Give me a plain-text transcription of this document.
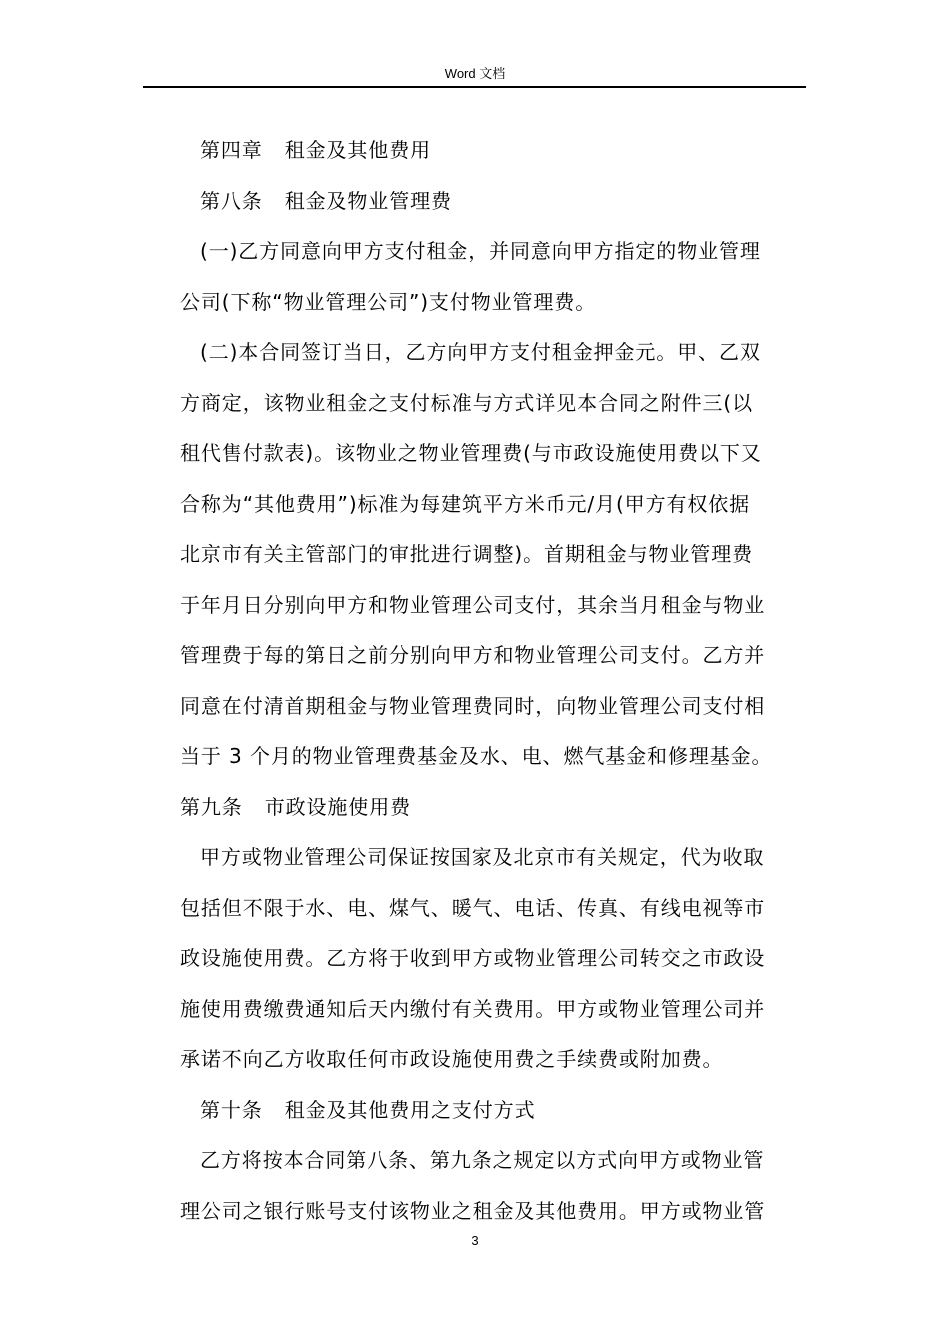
Word 文档

第四章 租金及其他费用

第八条 租金及物业管理费

(一)乙方同意向甲方支付租金，并同意向甲方指定的物业管理

公司(下称“物业管理公司”)支付物业管理费。

(二)本合同签订当日，乙方向甲方支付租金押金元。甲、乙双

方商定，该物业租金之支付标准与方式详见本合同之附件三(以

租代售付款表)。该物业之物业管理费(与市政设施使用费以下又

合称为“其他费用”)标准为每建筑平方米币元/月(甲方有权依据

北京市有关主管部门的审批进行调整)。首期租金与物业管理费

于年月日分别向甲方和物业管理公司支付，其余当月租金与物业

管理费于每的第日之前分别向甲方和物业管理公司支付。乙方并

同意在付清首期租金与物业管理费同时，向物业管理公司支付相

当于 3 个月的物业管理费基金及水、电、燃气基金和修理基金。

第九条 市政设施使用费

甲方或物业管理公司保证按国家及北京市有关规定，代为收取

包括但不限于水、电、煤气、暖气、电话、传真、有线电视等市

政设施使用费。乙方将于收到甲方或物业管理公司转交之市政设

施使用费缴费通知后天内缴付有关费用。甲方或物业管理公司并

承诺不向乙方收取任何市政设施使用费之手续费或附加费。

第十条 租金及其他费用之支付方式

乙方将按本合同第八条、第九条之规定以方式向甲方或物业管

理公司之银行账号支付该物业之租金及其他费用。甲方或物业管

3
